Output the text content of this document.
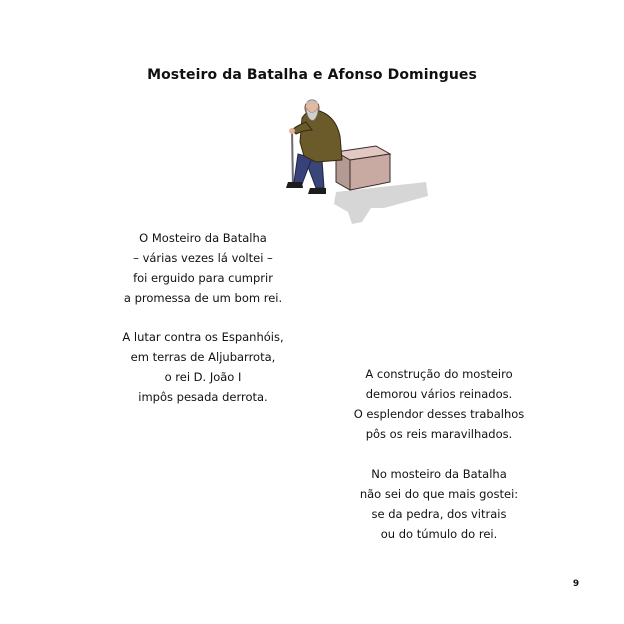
Mosteiro da Batalha e Afonso Domingues
O Mosteiro da Batalha
– várias vezes lá voltei –
foi erguido para cumprir
a promessa de um bom rei.
A lutar contra os Espanhóis,
em terras de Aljubarrota,
o rei D. João I
impôs pesada derrota.
A construção do mosteiro
demorou vários reinados.
O esplendor desses trabalhos
pôs os reis maravilhados.
No mosteiro da Batalha
não sei do que mais gostei:
se da pedra, dos vitrais
ou do túmulo do rei.
9
